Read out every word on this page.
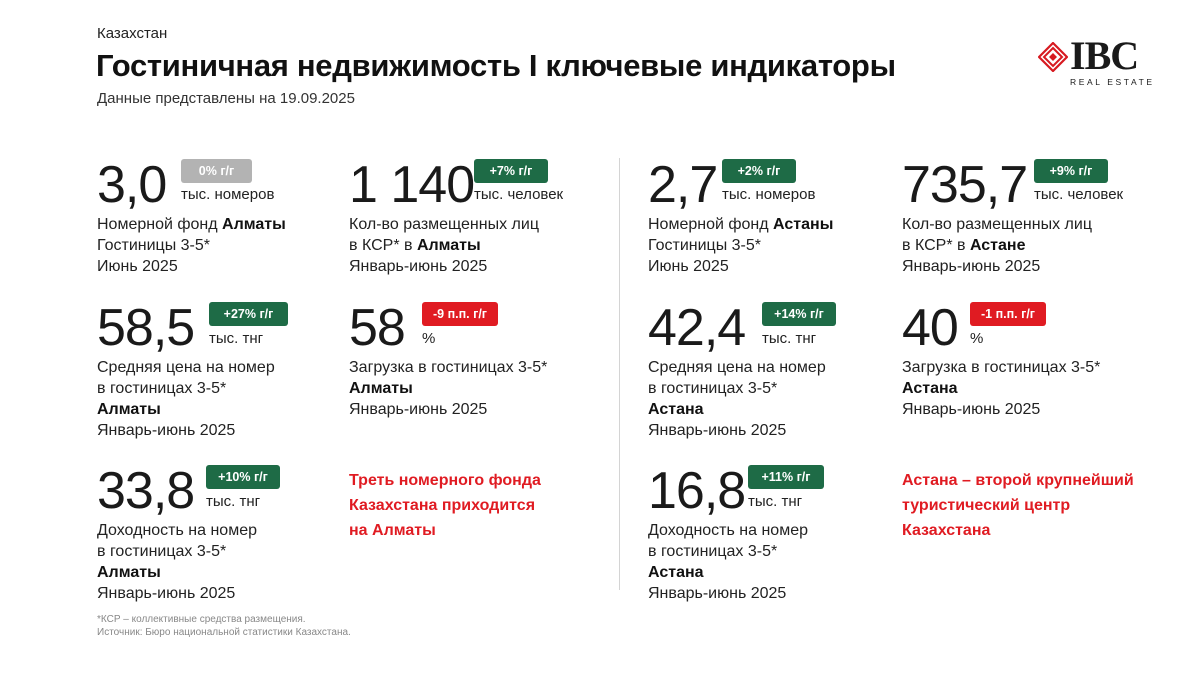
Казахстан
Гостиничная недвижимость I ключевые индикаторы
Данные представлены на 19.09.2025
IBC
REAL ESTATE
3,0	0% г/г
тыс. номеров
Номерной фонд Алматы
Гостиницы 3-5*
Июнь 2025
1 140	+7% г/г
тыс. человек
Кол-во размещенных лиц
в КСР* в Алматы
Январь-июнь 2025
2,7	+2% г/г
тыс. номеров
Номерной фонд Астаны
Гостиницы 3-5*
Июнь 2025
735,7	+9% г/г
тыс. человек
Кол-во размещенных лиц
в КСР* в Астане
Январь-июнь 2025
58,5	+27% г/г
тыс. тнг
Средняя цена на номер
в гостиницах 3-5*
Алматы
Январь-июнь 2025
58	-9 п.п. г/г
%
Загрузка в гостиницах 3-5*
Алматы
Январь-июнь 2025
42,4	+14% г/г
тыс. тнг
Средняя цена на номер
в гостиницах 3-5*
Астана
Январь-июнь 2025
40	-1 п.п. г/г
%
Загрузка в гостиницах 3-5*
Астана
Январь-июнь 2025
33,8	+10% г/г
тыс. тнг
Доходность на номер
в гостиницах 3-5*
Алматы
Январь-июнь 2025
Треть номерного фонда
Казахстана приходится
на Алматы
16,8	+11% г/г
тыс. тнг
Доходность на номер
в гостиницах 3-5*
Астана
Январь-июнь 2025
Астана – второй крупнейший
туристический центр
Казахстана
*КСР – коллективные средства размещения.
Источник: Бюро национальной статистики Казахстана.
